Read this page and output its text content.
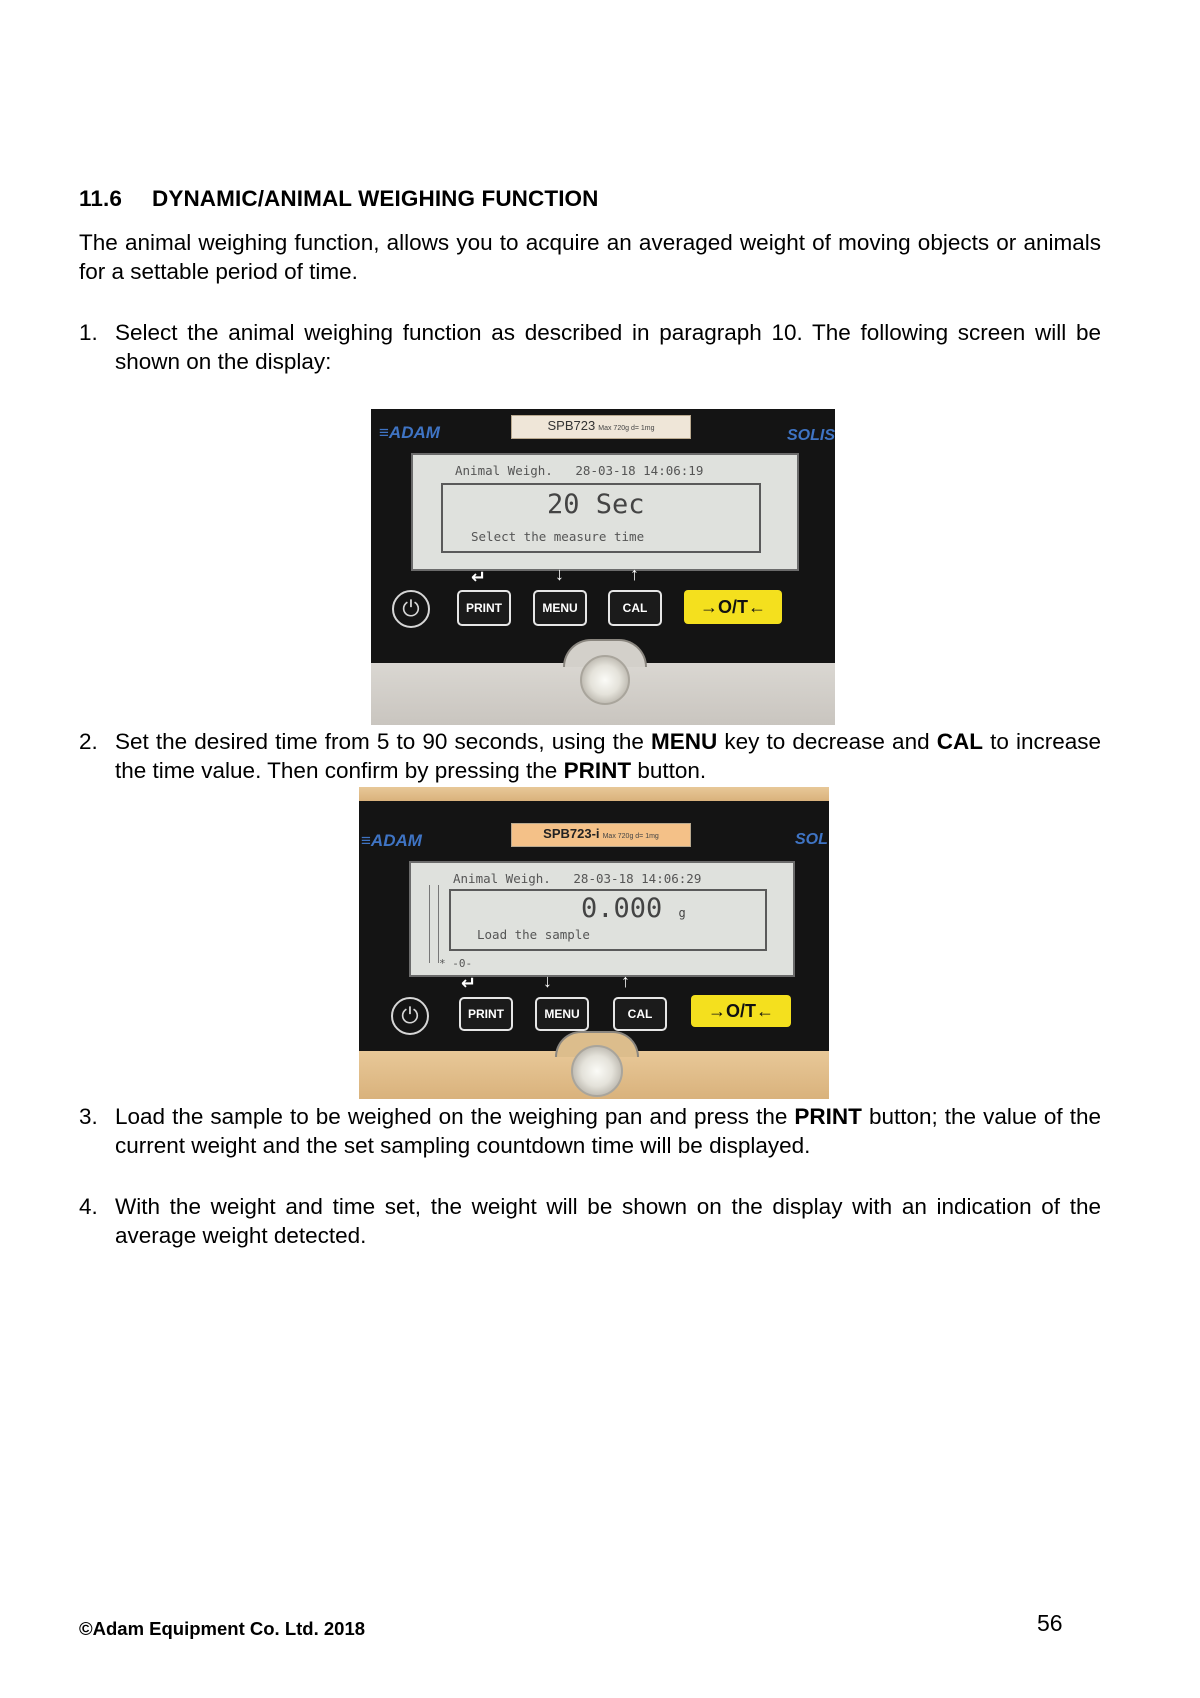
11.6 DYNAMIC/ANIMAL WEIGHING FUNCTION
The animal weighing function, allows you to acquire an averaged weight of moving objects or animals for a settable period of time.
1. Select the animal weighing function as described in paragraph 10. The following screen will be shown on the display:
SPB723 Max 720g d= 1mg
≡ADAM	SOLIS
Animal Weigh.   28-03-18 14:06:19
20 Sec
Select the measure time
↵	↓	↑
⏻	PRINT	MENU	CAL	→O/T←
2. Set the desired time from 5 to 90 seconds, using the MENU key to decrease and CAL to increase the time value. Then confirm by pressing the PRINT button.
SPB723-i Max 720g d= 1mg
≡ADAM	SOL
Animal Weigh.   28-03-18 14:06:29
0.000 g
Load the sample
* -0-
↵	↓	↑
⏻	PRINT	MENU	CAL	→O/T←
3. Load the sample to be weighed on the weighing pan and press the PRINT button; the value of the current weight and the set sampling countdown time will be displayed.
4. With the weight and time set, the weight will be shown on the display with an indication of the average weight detected.
©Adam Equipment Co. Ltd. 2018	56
